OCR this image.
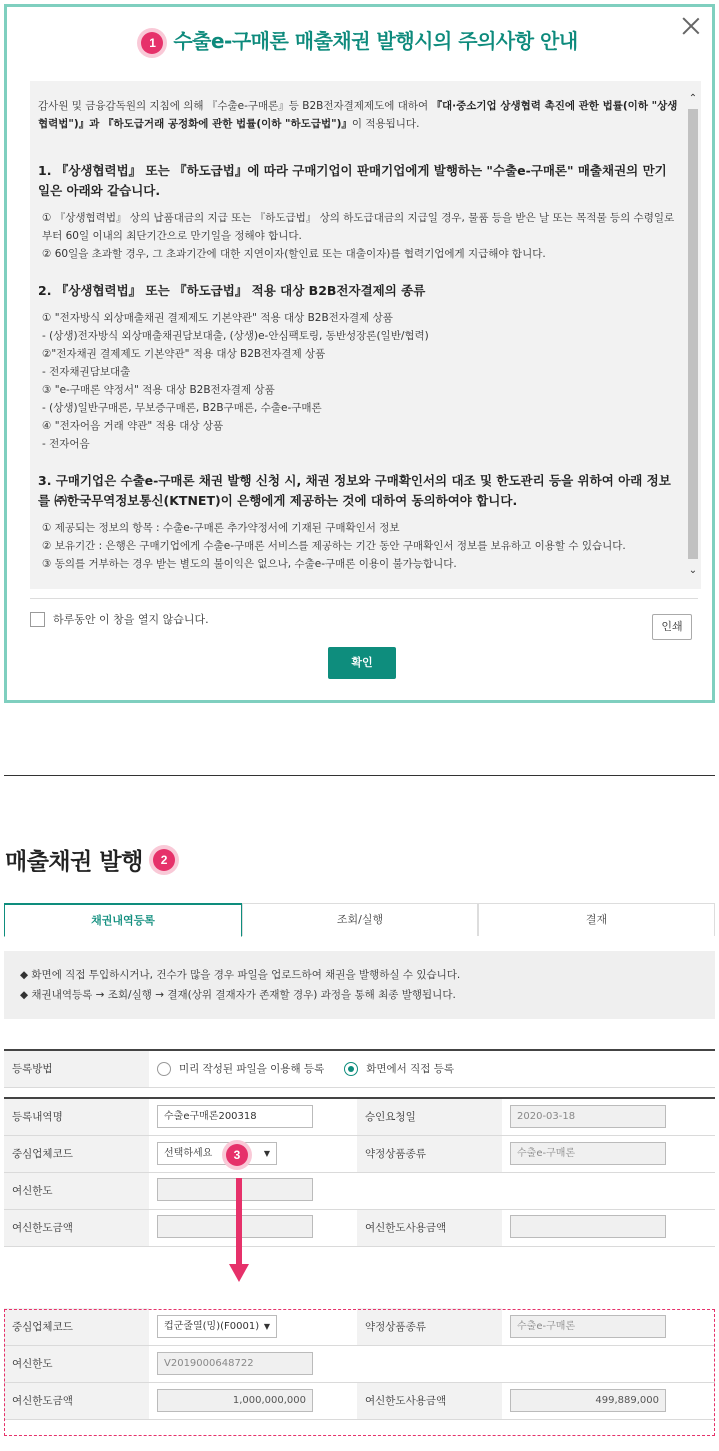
1 수출e-구매론 매출채권 발행시의 주의사항 안내

감사원 및 금융감독원의 지침에 의해 『수출e-구매론』등 B2B전자결제제도에 대하여 『대·중소기업 상생협력 촉진에 관한 법률(이하 "상생협력법")』과 『하도급거래 공정화에 관한 법률(이하 "하도급법")』이 적용됩니다.

1. 『상생협력법』 또는 『하도급법』에 따라 구매기업이 판매기업에게 발행하는 "수출e-구매론" 매출채권의 만기일은 아래와 같습니다.
① 『상생협력법』 상의 납품대금의 지급 또는 『하도급법』 상의 하도급대금의 지급일 경우, 물품 등을 받은 날 또는 목적물 등의 수령일로부터 60일 이내의 최단기간으로 만기일을 정해야 합니다.
② 60일을 초과할 경우, 그 초과기간에 대한 지연이자(할인료 또는 대출이자)를 협력기업에게 지급해야 합니다.
2. 『상생협력법』 또는 『하도급법』 적용 대상 B2B전자결제의 종류
① "전자방식 외상매출채권 결제제도 기본약관" 적용 대상 B2B전자결제 상품
- (상생)전자방식 외상매출채권담보대출, (상생)e-안심팩토링, 동반성장론(일반/협력)
②"전자채권 결제제도 기본약관" 적용 대상 B2B전자결제 상품
- 전자채권담보대출
③ "e-구매론 약정서" 적용 대상 B2B전자결제 상품
- (상생)일반구매론, 무보증구매론, B2B구매론, 수출e-구매론
④ "전자어음 거래 약관" 적용 대상 상품
- 전자어음
3. 구매기업은 수출e-구매론 채권 발행 신청 시, 채권 정보와 구매확인서의 대조 및 한도관리 등을 위하여 아래 정보를 ㈜한국무역정보통신(KTNET)이 은행에게 제공하는 것에 대하여 동의하여야 합니다.
① 제공되는 정보의 항목 : 수출e-구매론 추가약정서에 기재된 구매확인서 정보
② 보유기간 : 은행은 구매기업에게 수출e-구매론 서비스를 제공하는 기간 동안 구매확인서 정보를 보유하고 이용할 수 있습니다.
③ 동의를 거부하는 경우 받는 별도의 불이익은 없으나, 수출e-구매론 이용이 불가능합니다.
⌃
⌄
하루동안 이 창을 열지 않습니다.
인쇄
확인
매출채권 발행	2
채권내역등록	조회/실행	결재
◆ 화면에 직접 투입하시거나, 건수가 많을 경우 파일을 업로드하여 채권을 발행하실 수 있습니다.
◆ 채권내역등록 → 조회/실행 → 결재(상위 결재자가 존재할 경우) 과정을 통해 최종 발행됩니다.
등록방법	미리 작성된 파일을 이용해 등록	화면에서 직접 등록
등록내역명	수출e구매론200318	승인요청일	2020-03-18
중심업체코드	선택하세요 ▼	약정상품종류	수출e-구매론
여신한도			
여신한도금액		여신한도사용금액	
3
중심업체코드	컵군줄열(밍)(F0001) ▼	약정상품종류	수출e-구매론
여신한도	V2019000648722		
여신한도금액	1,000,000,000	여신한도사용금액	499,889,000
